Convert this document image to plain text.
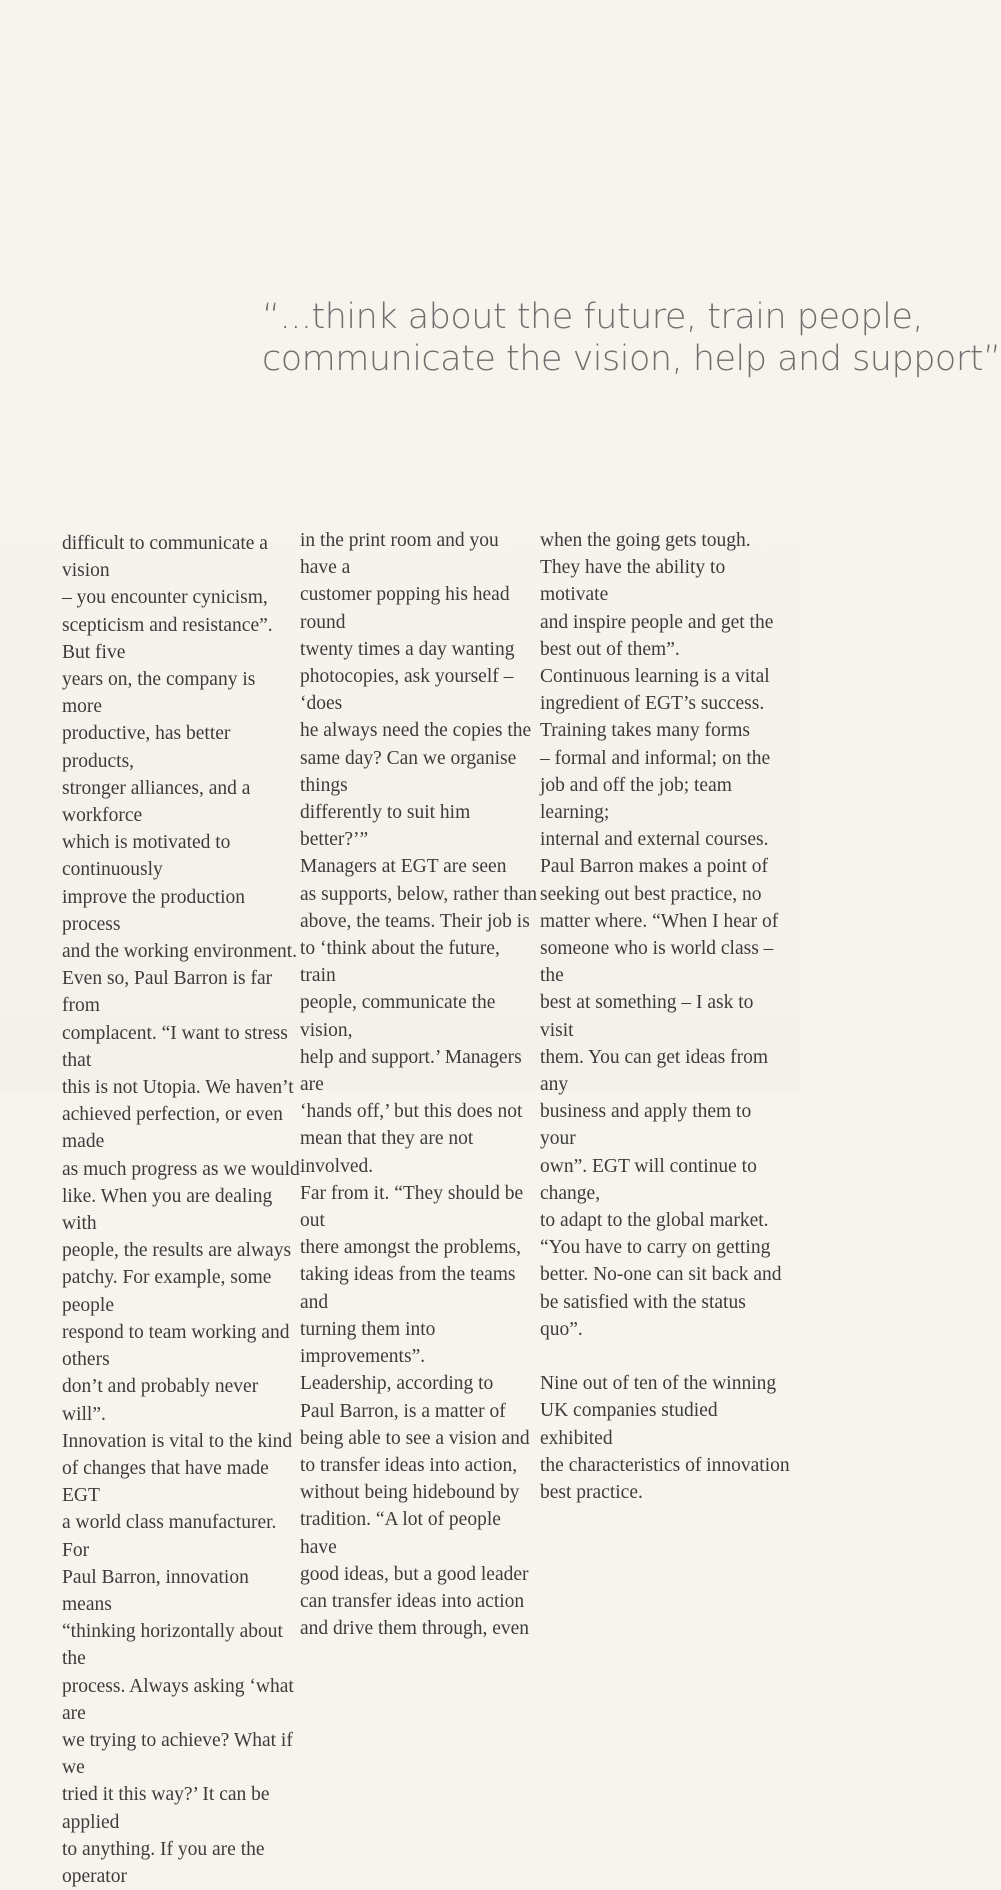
“...think about the future, train people,
communicate the vision, help and support”

difficult to communicate a vision
– you encounter cynicism,
scepticism and resistance”. But five
years on, the company is more
productive, has better products,
stronger alliances, and a workforce
which is motivated to continuously
improve the production process
and the working environment.
Even so, Paul Barron is far from
complacent. “I want to stress that
this is not Utopia. We haven’t
achieved perfection, or even made
as much progress as we would
like. When you are dealing with
people, the results are always
patchy. For example, some people
respond to team working and others
don’t and probably never will”.

Innovation is vital to the kind
of changes that have made EGT
a world class manufacturer. For
Paul Barron, innovation means
“thinking horizontally about the
process. Always asking ‘what are
we trying to achieve? What if we
tried it this way?’ It can be applied
to anything. If you are the operator

in the print room and you have a
customer popping his head round
twenty times a day wanting
photocopies, ask yourself – ‘does
he always need the copies the
same day? Can we organise things
differently to suit him better?’”

Managers at EGT are seen
as supports, below, rather than
above, the teams. Their job is
to ‘think about the future, train
people, communicate the vision,
help and support.’ Managers are
‘hands off,’ but this does not
mean that they are not involved.
Far from it. “They should be out
there amongst the problems,
taking ideas from the teams and
turning them into improvements”.

Leadership, according to
Paul Barron, is a matter of
being able to see a vision and
to transfer ideas into action,
without being hidebound by
tradition. “A lot of people have
good ideas, but a good leader
can transfer ideas into action
and drive them through, even

when the going gets tough.
They have the ability to motivate
and inspire people and get the
best out of them”.

Continuous learning is a vital
ingredient of EGT’s success.
Training takes many forms
– formal and informal; on the
job and off the job; team learning;
internal and external courses.
Paul Barron makes a point of
seeking out best practice, no
matter where. “When I hear of
someone who is world class – the
best at something – I ask to visit
them. You can get ideas from any
business and apply them to your
own”. EGT will continue to change,
to adapt to the global market.
“You have to carry on getting
better. No-one can sit back and
be satisfied with the status quo”.

Nine out of ten of the winning
UK companies studied exhibited
the characteristics of innovation
best practice.
